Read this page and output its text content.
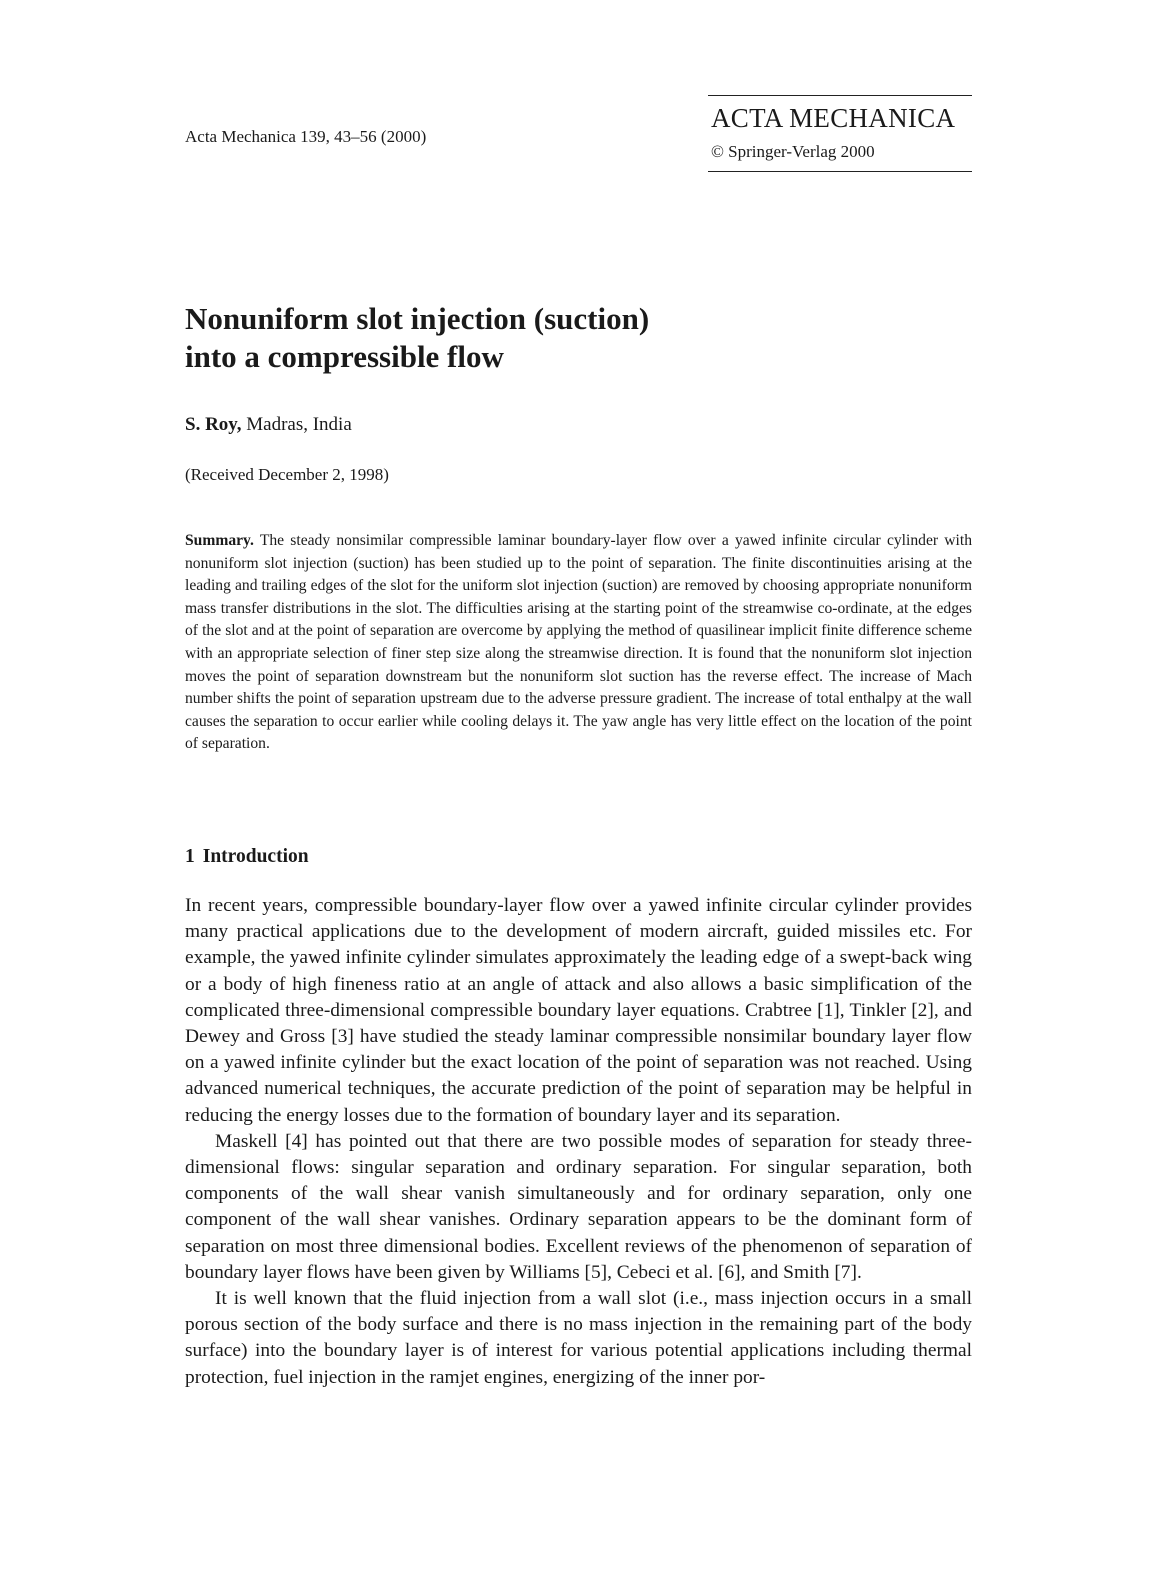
Acta Mechanica 139, 43–56 (2000)
ACTA MECHANICA
© Springer-Verlag 2000
Nonuniform slot injection (suction)
into a compressible flow
S. Roy, Madras, India
(Received December 2, 1998)
Summary. The steady nonsimilar compressible laminar boundary-layer flow over a yawed infinite circular cylinder with nonuniform slot injection (suction) has been studied up to the point of separation. The finite discontinuities arising at the leading and trailing edges of the slot for the uniform slot injection (suction) are removed by choosing appropriate nonuniform mass transfer distributions in the slot. The difficulties arising at the starting point of the streamwise co-ordinate, at the edges of the slot and at the point of separation are overcome by applying the method of quasilinear implicit finite difference scheme with an appropriate selection of finer step size along the streamwise direction. It is found that the nonuniform slot injection moves the point of separation downstream but the nonuniform slot suction has the reverse effect. The increase of Mach number shifts the point of separation upstream due to the adverse pressure gradient. The increase of total enthalpy at the wall causes the separation to occur earlier while cooling delays it. The yaw angle has very little effect on the location of the point of separation.
1 Introduction

In recent years, compressible boundary-layer flow over a yawed infinite circular cylinder provides many practical applications due to the development of modern aircraft, guided missiles etc. For example, the yawed infinite cylinder simulates approximately the leading edge of a swept-back wing or a body of high fineness ratio at an angle of attack and also allows a basic simplification of the complicated three-dimensional compressible boundary layer equations. Crabtree [1], Tinkler [2], and Dewey and Gross [3] have studied the steady laminar compressible nonsimilar boundary layer flow on a yawed infinite cylinder but the exact location of the point of separation was not reached. Using advanced numerical techniques, the accurate prediction of the point of separation may be helpful in reducing the energy losses due to the formation of boundary layer and its separation.

Maskell [4] has pointed out that there are two possible modes of separation for steady three-dimensional flows: singular separation and ordinary separation. For singular separation, both components of the wall shear vanish simultaneously and for ordinary separation, only one component of the wall shear vanishes. Ordinary separation appears to be the dominant form of separation on most three dimensional bodies. Excellent reviews of the phenomenon of separation of boundary layer flows have been given by Williams [5], Cebeci et al. [6], and Smith [7].

It is well known that the fluid injection from a wall slot (i.e., mass injection occurs in a small porous section of the body surface and there is no mass injection in the remaining part of the body surface) into the boundary layer is of interest for various potential applications including thermal protection, fuel injection in the ramjet engines, energizing of the inner por-
